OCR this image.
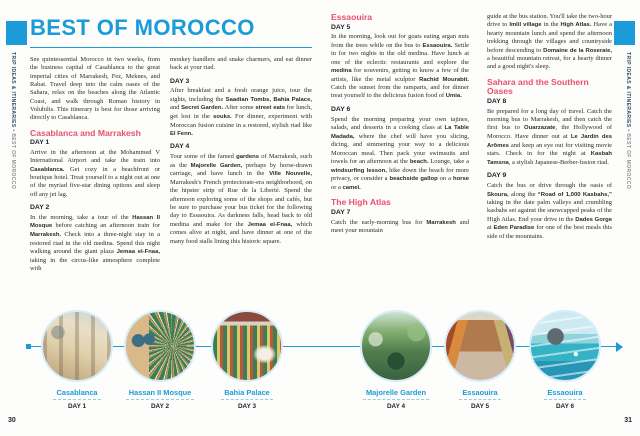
TRIP IDEAS & ITINERARIES • BEST OF MOROCCO
TRIP IDEAS & ITINERARIES • BEST OF MOROCCO
BEST OF MOROCCO

See quintessential Morocco in two weeks, from the business capital of Casablanca to the great imperial cities of Marrakesh, Fez, Meknes, and Rabat. Travel deep into the calm oases of the Sahara, relax on the beaches along the Atlantic Coast, and walk through Roman history in Volubilis. This itinerary is best for those arriving directly to Casablanca.

Casablanca and Marrakesh
DAY 1

Arrive in the afternoon at the Mohammed V International Airport and take the train into Casablanca. Get cozy in a beachfront or boutique hotel. Treat yourself to a night out at one of the myriad five-star dining options and sleep off any jet lag.

DAY 2

In the morning, take a tour of the Hassan II Mosque before catching an afternoon train for Marrakesh. Check into a three-night stay in a restored riad in the old medina. Spend this night walking around the giant plaza Jemaa el-Fnaa, taking in the circus-like atmosphere complete with

monkey handlers and snake charmers, and eat dinner back at your riad.

DAY 3

After breakfast and a fresh orange juice, tour the sights, including the Saadian Tombs, Bahia Palace, and Secret Garden. After some street eats for lunch, get lost in the souks. For dinner, experiment with Moroccan fusion cuisine in a restored, stylish riad like El Fenn.

DAY 4

Tour some of the famed gardens of Marrakesh, such as the Majorelle Garden, perhaps by horse-drawn carriage, and have lunch in the Ville Nouvelle, Marrakesh's French protectorate-era neighborhood, on the hipster strip of Rue de la Liberté. Spend the afternoon exploring some of the shops and cafés, but be sure to purchase your bus ticket for the following day to Essaouira. As darkness falls, head back to old medina and make for the Jemaa el-Fnaa, which comes alive at night, and have dinner at one of the many food stalls lining this historic square.

Essaouira
DAY 5

In the morning, look out for goats eating argan nuts from the trees while on the bus to Essaouira. Settle in for two nights in the old medina. Have lunch at one of the eclectic restaurants and explore the medina for souvenirs, getting to know a few of the artists, like the metal sculptor Rachid Mourabit. Catch the sunset from the ramparts, and for dinner treat yourself to the delicious fusion food of Umia.

DAY 6

Spend the morning preparing your own tajines, salads, and desserts in a cooking class at La Table Madada, where the chef will have you slicing, dicing, and simmering your way to a delicious Moroccan meal. Then pack your swimsuits and towels for an afternoon at the beach. Lounge, take a windsurfing lesson, hike down the beach for more privacy, or consider a beachside gallop on a horse or a camel.

The High Atlas
DAY 7

Catch the early-morning bus for Marrakesh and meet your mountain

guide at the bus station. You'll take the two-hour drive to Imlil village in the High Atlas. Have a hearty mountain lunch and spend the afternoon trekking through the villages and countryside before descending to Domaine de la Roseraie, a beautiful mountain retreat, for a hearty dinner and a good night's sleep.

Sahara and the Southern Oases
DAY 8

Be prepared for a long day of travel. Catch the morning bus to Marrakesh, and then catch the first bus to Ouarzazate, the Hollywood of Morocco. Have dinner out at Le Jardin des Arômes and keep an eye out for visiting movie stars. Check in for the night at Kasbah Tamsna, a stylish Japanese-Berber-fusion riad.

DAY 9

Catch the bus or drive through the oasis of Skoura, along the “Road of 1,000 Kasbahs,” taking in the date palm valleys and crumbling kasbahs set against the snowcapped peaks of the High Atlas. End your drive in the Dades Gorge at Eden Paradise for one of the best meals this side of the mountains.

Casablanca
DAY 1
Hassan II Mosque
DAY 2
Bahia Palace
DAY 3
Majorelle Garden
DAY 4
Essaouira
DAY 5
Essaouira
DAY 6
30	31
